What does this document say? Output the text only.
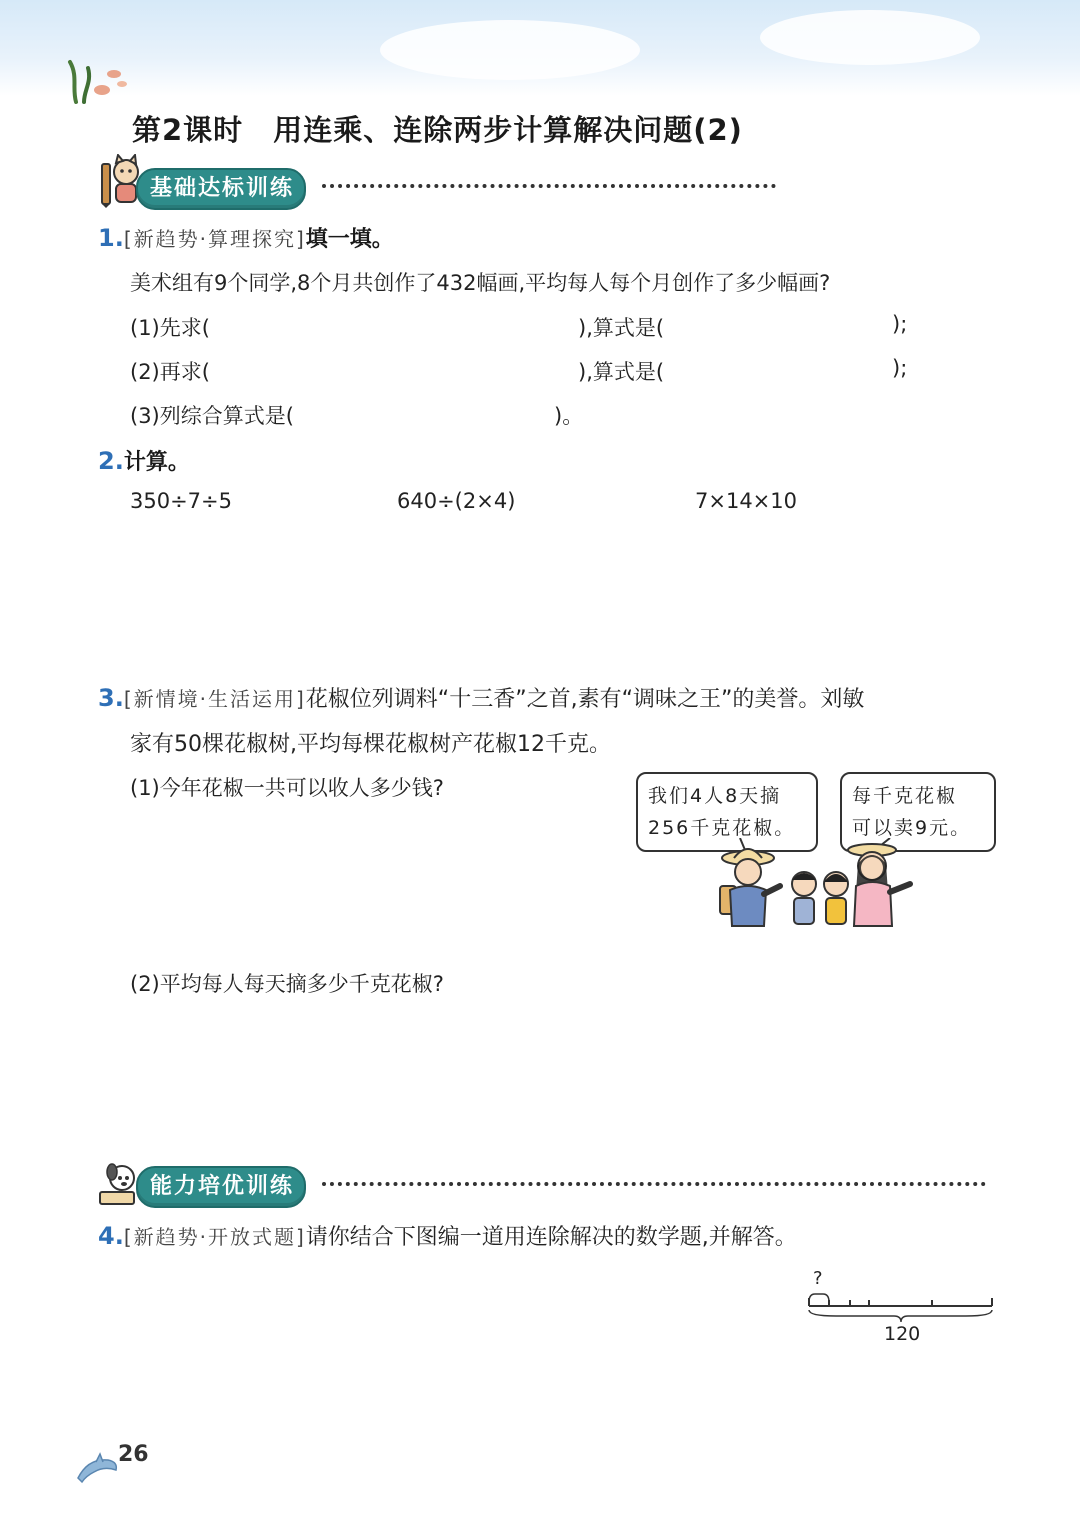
第2课时 用连乘、连除两步计算解决问题(2)
基础达标训练
1.[新趋势·算理探究]填一填。
美术组有9个同学,8个月共创作了432幅画,平均每人每个月创作了多少幅画?
(1)先求(	),算式是(	);
(2)再求(	),算式是(	);
(3)列综合算式是(	)。
2.计算。
350÷7÷5	640÷(2×4)	7×14×10
3.[新情境·生活运用]花椒位列调料“十三香”之首,素有“调味之王”的美誉。刘敏
家有50棵花椒树,平均每棵花椒树产花椒12千克。
(1)今年花椒一共可以收人多少钱?	我们4人8天摘
256千克花椒。
每千克花椒
可以卖9元。
(2)平均每人每天摘多少千克花椒?
能力培优训练
4.[新趋势·开放式题]请你结合下图编一道用连除解决的数学题,并解答。
?
120
26
